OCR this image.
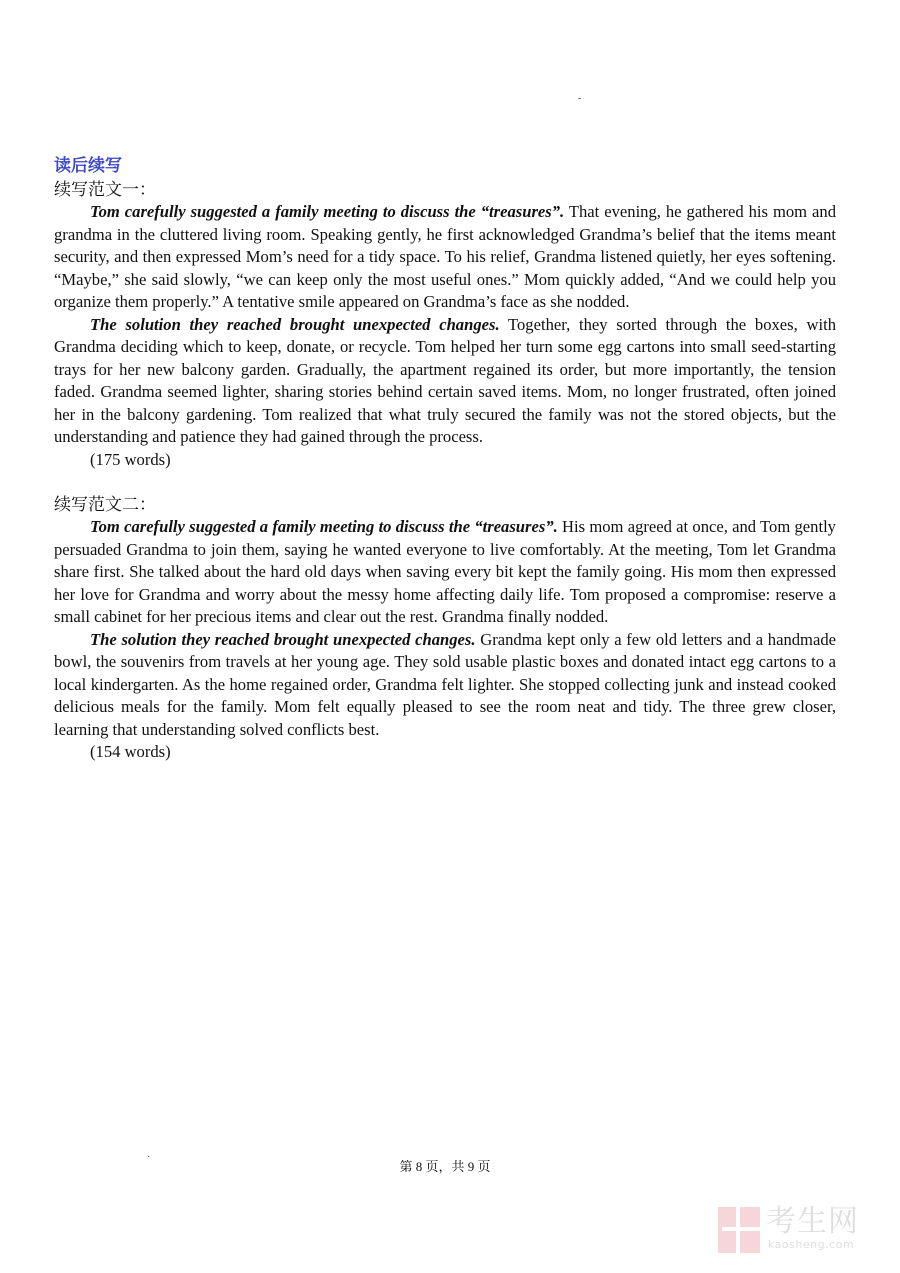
-
读后续写

续写范文一：

Tom carefully suggested a family meeting to discuss the “treasures”. That evening, he gathered his mom and grandma in the cluttered living room. Speaking gently, he first acknowledged Grandma’s belief that the items meant security, and then expressed Mom’s need for a tidy space. To his relief, Grandma listened quietly, her eyes softening. “Maybe,” she said slowly, “we can keep only the most useful ones.” Mom quickly added, “And we could help you organize them properly.” A tentative smile appeared on Grandma’s face as she nodded.

The solution they reached brought unexpected changes. Together, they sorted through the boxes, with Grandma deciding which to keep, donate, or recycle. Tom helped her turn some egg cartons into small seed-starting trays for her new balcony garden. Gradually, the apartment regained its order, but more importantly, the tension faded. Grandma seemed lighter, sharing stories behind certain saved items. Mom, no longer frustrated, often joined her in the balcony gardening. Tom realized that what truly secured the family was not the stored objects, but the understanding and patience they had gained through the process.

(175 words)

续写范文二：

Tom carefully suggested a family meeting to discuss the “treasures”. His mom agreed at once, and Tom gently persuaded Grandma to join them, saying he wanted everyone to live comfortably. At the meeting, Tom let Grandma share first. She talked about the hard old days when saving every bit kept the family going. His mom then expressed her love for Grandma and worry about the messy home affecting daily life. Tom proposed a compromise: reserve a small cabinet for her precious items and clear out the rest. Grandma finally nodded.

The solution they reached brought unexpected changes. Grandma kept only a few old letters and a handmade bowl, the souvenirs from travels at her young age. They sold usable plastic boxes and donated intact egg cartons to a local kindergarten. As the home regained order, Grandma felt lighter. She stopped collecting junk and instead cooked delicious meals for the family. Mom felt equally pleased to see the room neat and tidy. The three grew closer, learning that understanding solved conflicts best.

(154 words)

·
第 8 页，共 9 页
考生网
kaosheng.com
